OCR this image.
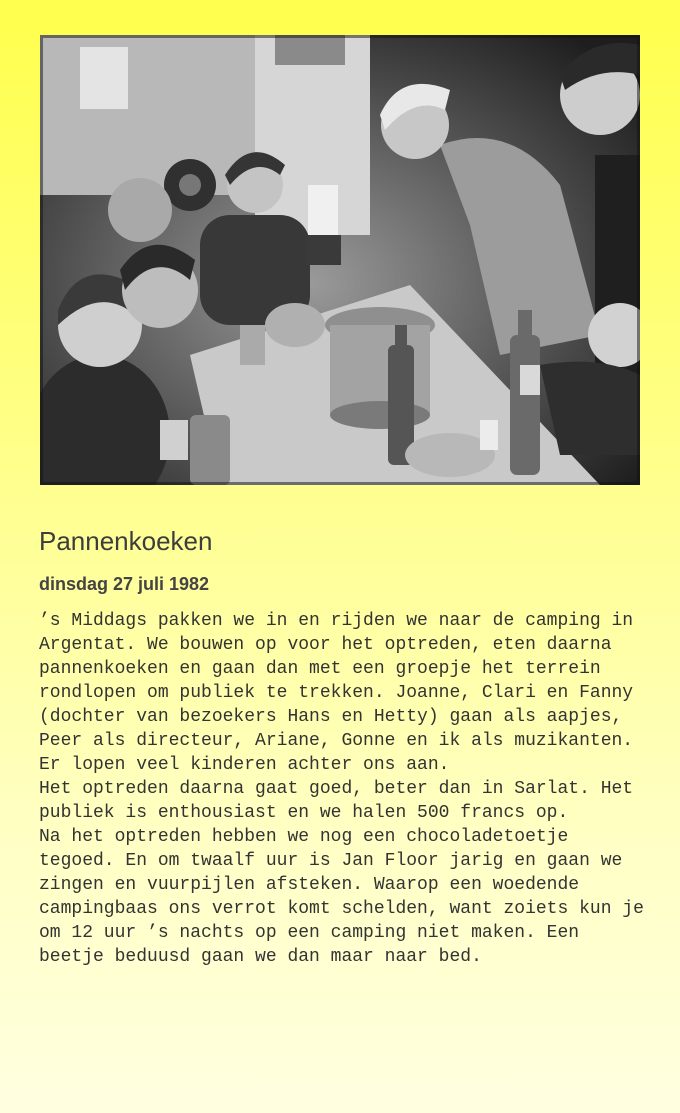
Pannenkoeken
dinsdag 27 juli 1982

’s Middags pakken we in en rijden we naar de camping in Argentat. We bouwen op voor het optreden, eten daarna pannenkoeken en gaan dan met een groepje het terrein rondlopen om publiek te trekken. Joanne, Clari en Fanny (dochter van bezoekers Hans en Hetty) gaan als aapjes, Peer als directeur, Ariane, Gonne en ik als muzikanten. Er lopen veel kinderen achter ons aan.

Het optreden daarna gaat goed, beter dan in Sarlat. Het publiek is enthousiast en we halen 500 francs op.

Na het optreden hebben we nog een chocoladetoetje tegoed. En om twaalf uur is Jan Floor jarig en gaan we zingen en vuurpijlen afsteken. Waarop een woedende campingbaas ons verrot komt schelden, want zoiets kun je om 12 uur ’s nachts op een camping niet maken. Een beetje beduusd gaan we dan maar naar bed.
